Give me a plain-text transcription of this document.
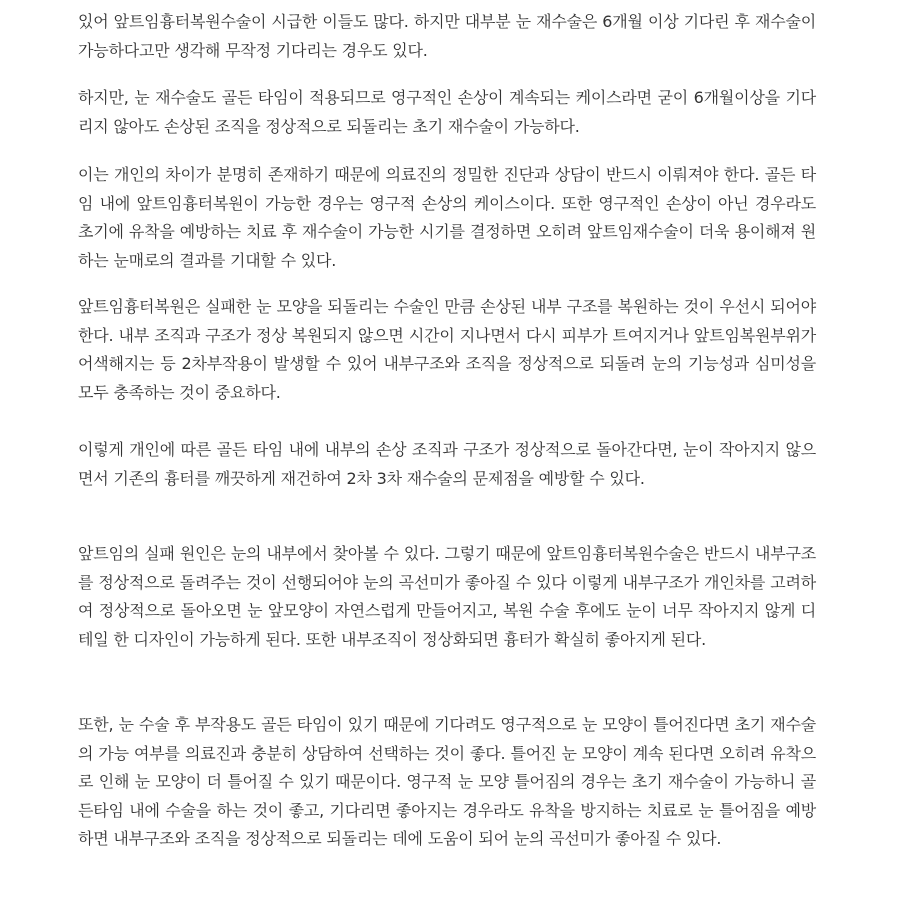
있어 앞트임흉터복원수술이 시급한 이들도 많다. 하지만 대부분 눈 재수술은 6개월 이상 기다린 후 재수술이 가능하다고만 생각해 무작정 기다리는 경우도 있다.

하지만, 눈 재수술도 골든 타임이 적용되므로 영구적인 손상이 계속되는 케이스라면 굳이 6개월이상을 기다리지 않아도 손상된 조직을 정상적으로 되돌리는 초기 재수술이 가능하다.

이는 개인의 차이가 분명히 존재하기 때문에 의료진의 정밀한 진단과 상담이 반드시 이뤄져야 한다. 골든 타임 내에 앞트임흉터복원이 가능한 경우는 영구적 손상의 케이스이다. 또한 영구적인 손상이 아닌 경우라도 초기에 유착을 예방하는 치료 후 재수술이 가능한 시기를 결정하면 오히려 앞트임재수술이 더욱 용이해져 원하는 눈매로의 결과를 기대할 수 있다.

앞트임흉터복원은 실패한 눈 모양을 되돌리는 수술인 만큼 손상된 내부 구조를 복원하는 것이 우선시 되어야 한다. 내부 조직과 구조가 정상 복원되지 않으면 시간이 지나면서 다시 피부가 트여지거나 앞트임복원부위가 어색해지는 등 2차부작용이 발생할 수 있어 내부구조와 조직을 정상적으로 되돌려 눈의 기능성과 심미성을 모두 충족하는 것이 중요하다.

이렇게 개인에 따른 골든 타임 내에 내부의 손상 조직과 구조가 정상적으로 돌아간다면, 눈이 작아지지 않으면서 기존의 흉터를 깨끗하게 재건하여 2차 3차 재수술의 문제점을 예방할 수 있다.

앞트임의 실패 원인은 눈의 내부에서 찾아볼 수 있다. 그렇기 때문에 앞트임흉터복원수술은 반드시 내부구조를 정상적으로 돌려주는 것이 선행되어야 눈의 곡선미가 좋아질 수 있다 이렇게 내부구조가 개인차를 고려하여 정상적으로 돌아오면 눈 앞모양이 자연스럽게 만들어지고, 복원 수술 후에도 눈이 너무 작아지지 않게 디테일 한 디자인이 가능하게 된다. 또한 내부조직이 정상화되면 흉터가 확실히 좋아지게 된다.

또한, 눈 수술 후 부작용도 골든 타임이 있기 때문에 기다려도 영구적으로 눈 모양이 틀어진다면 초기 재수술의 가능 여부를 의료진과 충분히 상담하여 선택하는 것이 좋다. 틀어진 눈 모양이 계속 된다면 오히려 유착으로 인해 눈 모양이 더 틀어질 수 있기 때문이다. 영구적 눈 모양 틀어짐의 경우는 초기 재수술이 가능하니 골든타임 내에 수술을 하는 것이 좋고, 기다리면 좋아지는 경우라도 유착을 방지하는 치료로 눈 틀어짐을 예방하면 내부구조와 조직을 정상적으로 되돌리는 데에 도움이 되어 눈의 곡선미가 좋아질 수 있다.
